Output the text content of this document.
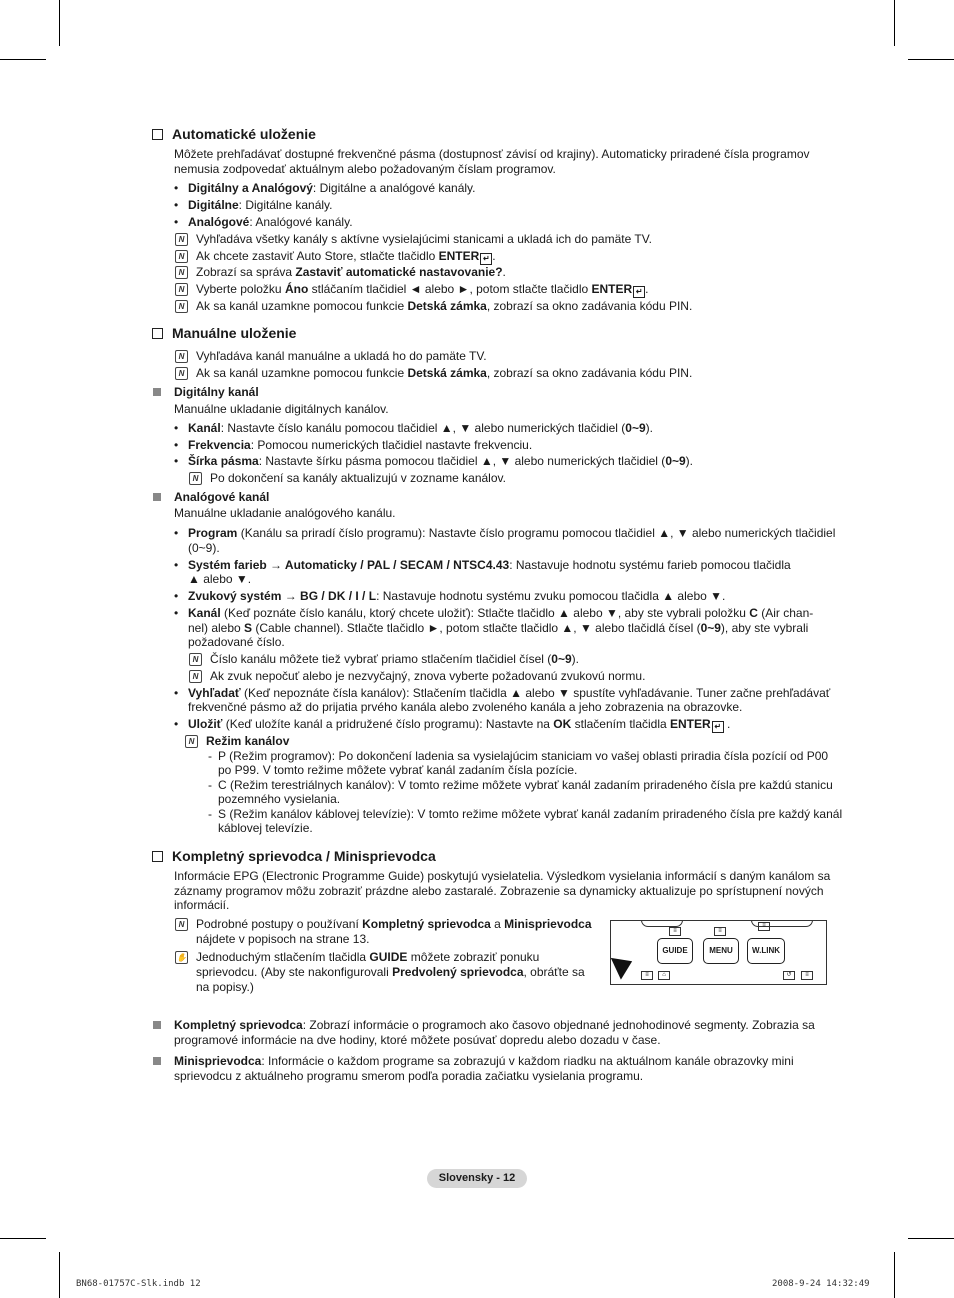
Automatické uloženie
Môžete prehľadávať dostupné frekvenčné pásma (dostupnosť závisí od krajiny). Automaticky priradené čísla programov
nemusia zodpovedať aktuálnym alebo požadovaným číslam programov.
• Digitálny a Analógový: Digitálne a analógové kanály.
• Digitálne: Digitálne kanály.
• Analógové: Analógové kanály.
N Vyhľadáva všetky kanály s aktívne vysielajúcimi stanicami a ukladá ich do pamäte TV.
N Ak chcete zastaviť Auto Store, stlačte tlačidlo ENTER ↵ .
N Zobrazí sa správa Zastaviť automatické nastavovanie?.
N Vyberte položku Áno stláčaním tlačidiel ◄ alebo ►, potom stlačte tlačidlo ENTER ↵ .
N Ak sa kanál uzamkne pomocou funkcie Detská zámka, zobrazí sa okno zadávania kódu PIN.
Manuálne uloženie
N Vyhľadáva kanál manuálne a ukladá ho do pamäte TV.
N Ak sa kanál uzamkne pomocou funkcie Detská zámka, zobrazí sa okno zadávania kódu PIN.
Digitálny kanál
Manuálne ukladanie digitálnych kanálov.
• Kanál: Nastavte číslo kanálu pomocou tlačidiel ▲, ▼ alebo numerických tlačidiel (0~9).
• Frekvencia: Pomocou numerických tlačidiel nastavte frekvenciu.
• Šírka pásma: Nastavte šírku pásma pomocou tlačidiel ▲, ▼ alebo numerických tlačidiel (0~9).
N Po dokončení sa kanály aktualizujú v zozname kanálov.
Analógové kanál
Manuálne ukladanie analógového kanálu.
• Program (Kanálu sa priradí číslo programu): Nastavte číslo programu pomocou tlačidiel ▲, ▼ alebo numerických tlačidiel
(0~9).
• Systém farieb → Automaticky / PAL / SECAM / NTSC4.43: Nastavuje hodnotu systému farieb pomocou tlačidla
▲ alebo ▼.
• Zvukový systém → BG / DK / I / L: Nastavuje hodnotu systému zvuku pomocou tlačidla ▲ alebo ▼.
• Kanál (Keď poznáte číslo kanálu, ktorý chcete uložiť): Stlačte tlačidlo ▲ alebo ▼, aby ste vybrali položku C (Air chan-
nel) alebo S (Cable channel). Stlačte tlačidlo ►, potom stlačte tlačidlo ▲, ▼ alebo tlačidlá čísel (0~9), aby ste vybrali
požadované číslo.
N Číslo kanálu môžete tiež vybrať priamo stlačením tlačidiel čísel (0~9).
N Ak zvuk nepočuť alebo je nezvyčajný, znova vyberte požadovanú zvukovú normu.
• Vyhľadať (Keď nepoznáte čísla kanálov): Stlačením tlačidla ▲ alebo ▼ spustíte vyhľadávanie. Tuner začne prehľadávať
frekvenčné pásmo až do prijatia prvého kanála alebo zvoleného kanála a jeho zobrazenia na obrazovke.
• Uložiť (Keď uložíte kanál a pridružené číslo programu): Nastavte na OK stlačením tlačidla ENTER ↵ .
N Režim kanálov
- P (Režim programov): Po dokončení ladenia sa vysielajúcim staniciam vo vašej oblasti priradia čísla pozícií od P00
po P99. V tomto režime môžete vybrať kanál zadaním čísla pozície.
- C (Režim terestriálnych kanálov): V tomto režime môžete vybrať kanál zadaním priradeného čísla pre každú stanicu
pozemného vysielania.
- S (Režim kanálov káblovej televízie): V tomto režime môžete vybrať kanál zadaním priradeného čísla pre každý kanál
káblovej televízie.
Kompletný sprievodca / Minisprievodca
Informácie EPG (Electronic Programme Guide) poskytujú vysielatelia. Výsledkom vysielania informácií s daným kanálom sa
záznamy programov môžu zobraziť prázdne alebo zastaralé. Zobrazenie sa dynamicky aktualizuje po sprístupnení nových
informácií.
N Podrobné postupy o používaní Kompletný sprievodca a Minisprievodca
nájdete v popisoch na strane 13.
✋ Jednoduchým stlačením tlačidla GUIDE môžete zobraziť ponuku
sprievodcu. (Aby ste nakonfigurovali Predvolený sprievodca, obráťte sa
na popisy.)
≡	≡
≡
GUIDE	MENU	W.LINK
≡	⌂	↺	≡
Kompletný sprievodca: Zobrazí informácie o programoch ako časovo objednané jednohodinové segmenty. Zobrazia sa
programové informácie na dve hodiny, ktoré môžete posúvať dopredu alebo dozadu v čase.
Minisprievodca: Informácie o každom programe sa zobrazujú v každom riadku na aktuálnom kanále obrazovky mini
sprievodcu z aktuálneho programu smerom podľa poradia začiatku vysielania programu.
Slovensky - 12
BN68-01757C-Slk.indb 12	2008-9-24 14:32:49
